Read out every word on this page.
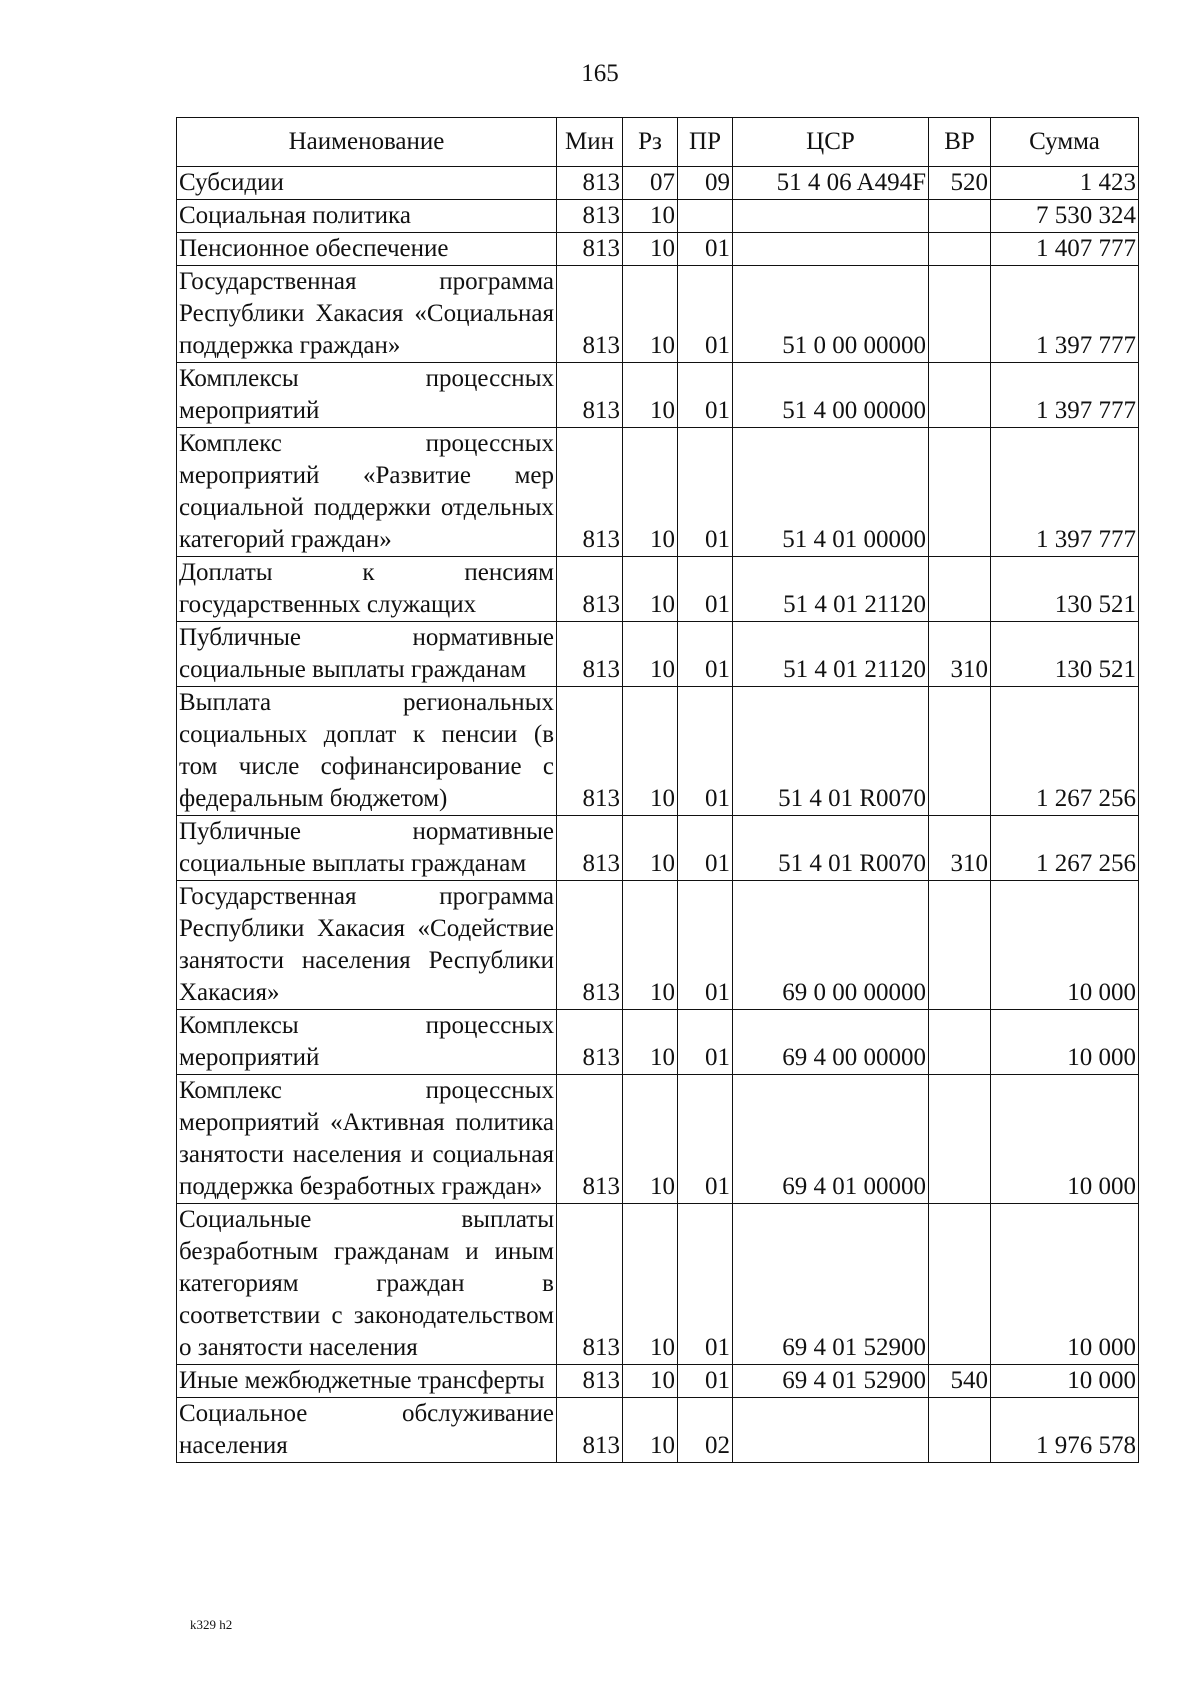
165
Наименование	Мин	Рз	ПР	ЦСР	ВР	Сумма
Субсидии	813	07	09	51 4 06 A494F	520	1 423
Социальная политика	813	10				7 530 324
Пенсионное обеспечение	813	10	01			1 407 777
Государственная программа Республики Хакасия «Социальная поддержка граждан»	813	10	01	51 0 00 00000		1 397 777
Комплексы процессных мероприятий	813	10	01	51 4 00 00000		1 397 777
Комплекс процессных мероприятий «Развитие мер социальной поддержки отдельных категорий граждан»	813	10	01	51 4 01 00000		1 397 777
Доплаты к пенсиям государственных служащих	813	10	01	51 4 01 21120		130 521
Публичные нормативные социальные выплаты гражданам	813	10	01	51 4 01 21120	310	130 521
Выплата региональных социальных доплат к пенсии (в том числе софинансирование с федеральным бюджетом)	813	10	01	51 4 01 R0070		1 267 256
Публичные нормативные социальные выплаты гражданам	813	10	01	51 4 01 R0070	310	1 267 256
Государственная программа Республики Хакасия «Содействие занятости населения Республики Хакасия»	813	10	01	69 0 00 00000		10 000
Комплексы процессных мероприятий	813	10	01	69 4 00 00000		10 000
Комплекс процессных мероприятий «Активная политика занятости населения и социальная поддержка безработных граждан»	813	10	01	69 4 01 00000		10 000
Социальные выплаты безработным гражданам и иным категориям граждан в соответствии с законодательством о занятости населения	813	10	01	69 4 01 52900		10 000
Иные межбюджетные трансферты	813	10	01	69 4 01 52900	540	10 000
Социальное обслуживание населения	813	10	02			1 976 578
k329 h2
